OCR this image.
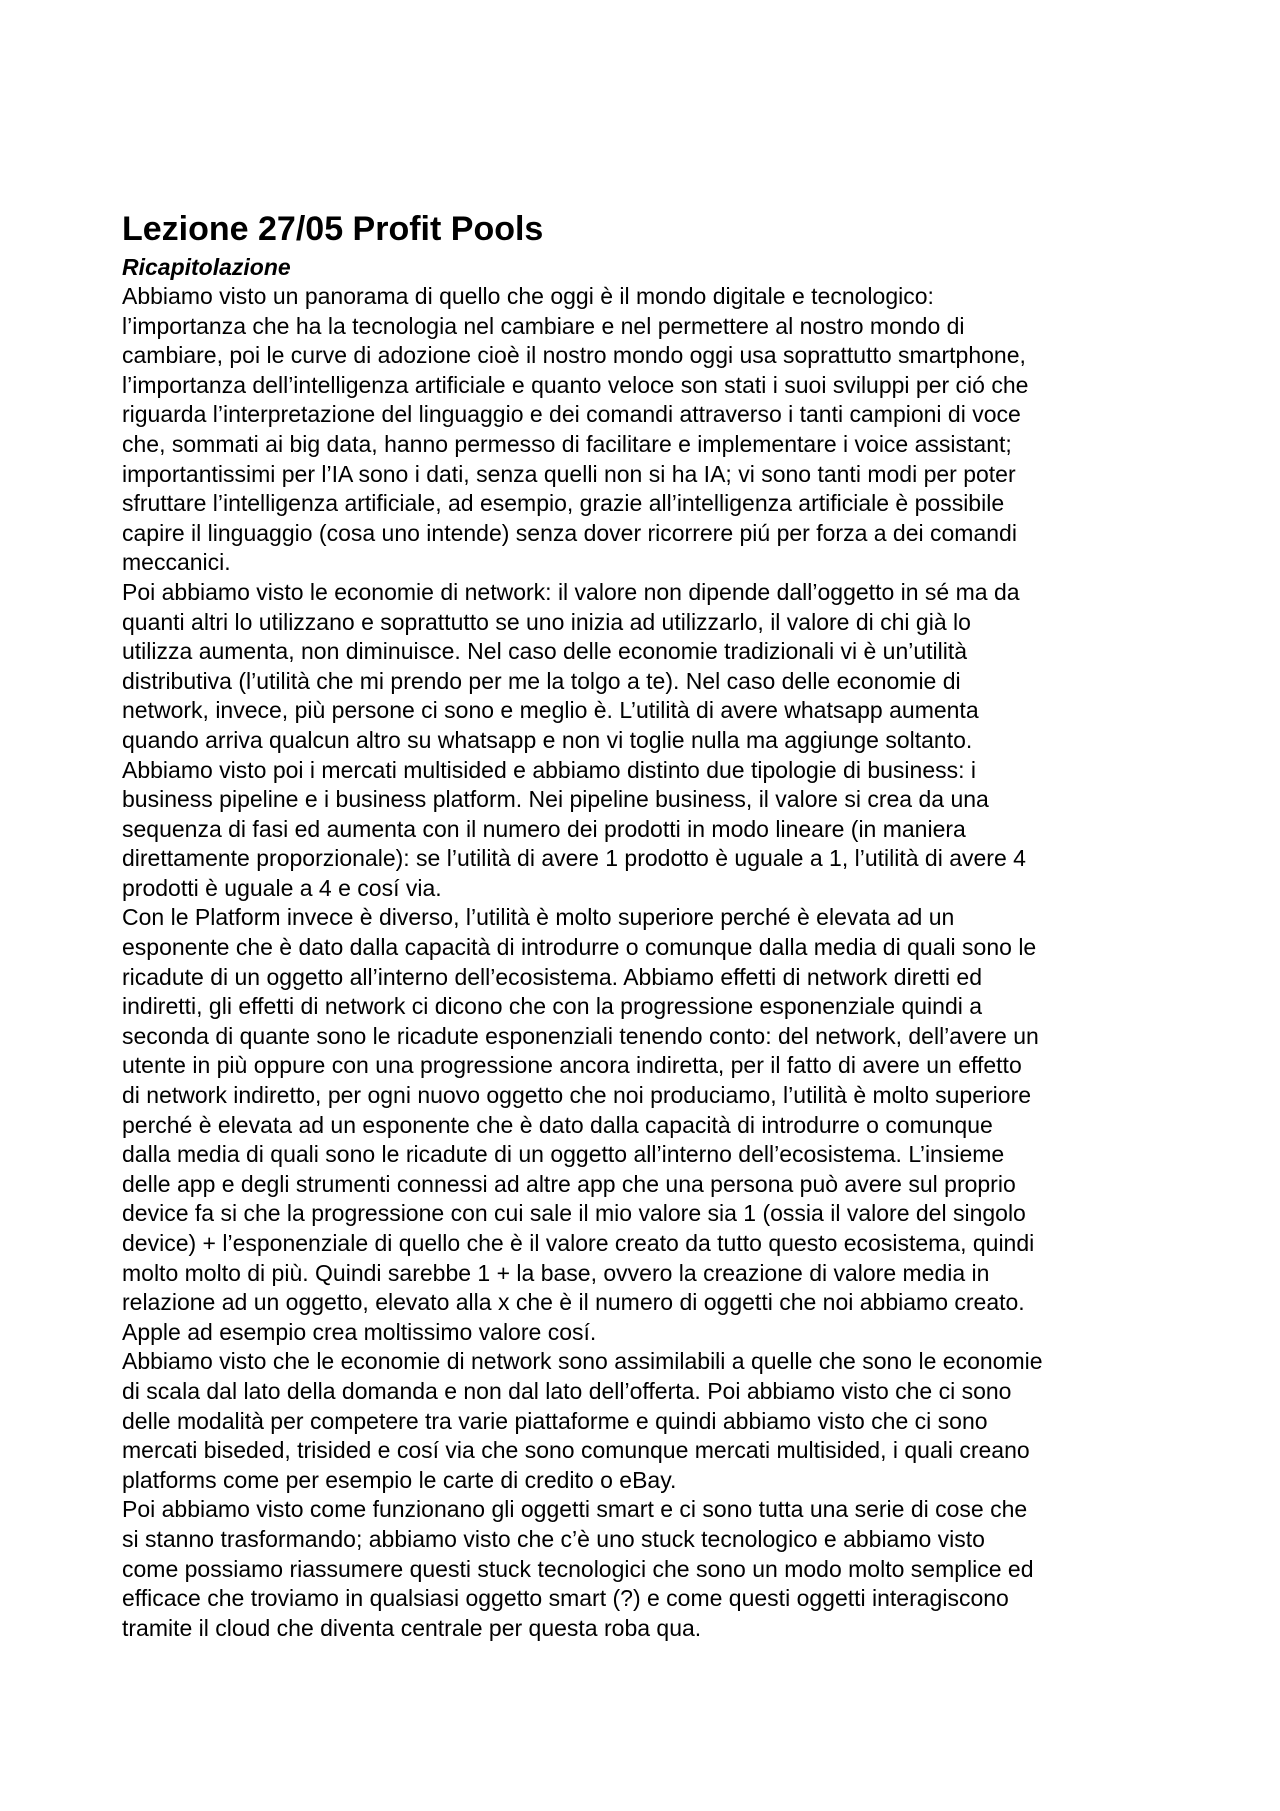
Lezione 27/05 Profit Pools
Ricapitolazione
Abbiamo visto un panorama di quello che oggi è il mondo digitale e tecnologico:
l’importanza che ha la tecnologia nel cambiare e nel permettere al nostro mondo di
cambiare, poi le curve di adozione cioè il nostro mondo oggi usa soprattutto smartphone,
l’importanza dell’intelligenza artificiale e quanto veloce son stati i suoi sviluppi per ció che
riguarda l’interpretazione del linguaggio e dei comandi attraverso i tanti campioni di voce
che, sommati ai big data, hanno permesso di facilitare e implementare i voice assistant;
importantissimi per l’IA sono i dati, senza quelli non si ha IA; vi sono tanti modi per poter
sfruttare l’intelligenza artificiale, ad esempio, grazie all’intelligenza artificiale è possibile
capire il linguaggio (cosa uno intende) senza dover ricorrere piú per forza a dei comandi
meccanici.
Poi abbiamo visto le economie di network: il valore non dipende dall’oggetto in sé ma da
quanti altri lo utilizzano e soprattutto se uno inizia ad utilizzarlo, il valore di chi già lo
utilizza aumenta, non diminuisce. Nel caso delle economie tradizionali vi è un’utilità
distributiva (l’utilità che mi prendo per me la tolgo a te). Nel caso delle economie di
network, invece, più persone ci sono e meglio è. L’utilità di avere whatsapp aumenta
quando arriva qualcun altro su whatsapp e non vi toglie nulla ma aggiunge soltanto.
Abbiamo visto poi i mercati multisided e abbiamo distinto due tipologie di business: i
business pipeline e i business platform. Nei pipeline business, il valore si crea da una
sequenza di fasi ed aumenta con il numero dei prodotti in modo lineare (in maniera
direttamente proporzionale): se l’utilità di avere 1 prodotto è uguale a 1, l’utilità di avere 4
prodotti è uguale a 4 e cosí via.
Con le Platform invece è diverso, l’utilità è molto superiore perché è elevata ad un
esponente che è dato dalla capacità di introdurre o comunque dalla media di quali sono le
ricadute di un oggetto all’interno dell’ecosistema. Abbiamo effetti di network diretti ed
indiretti, gli effetti di network ci dicono che con la progressione esponenziale quindi a
seconda di quante sono le ricadute esponenziali tenendo conto: del network, dell’avere un
utente in più oppure con una progressione ancora indiretta, per il fatto di avere un effetto
di network indiretto, per ogni nuovo oggetto che noi produciamo, l’utilità è molto superiore
perché è elevata ad un esponente che è dato dalla capacità di introdurre o comunque
dalla media di quali sono le ricadute di un oggetto all’interno dell’ecosistema. L’insieme
delle app e degli strumenti connessi ad altre app che una persona può avere sul proprio
device fa si che la progressione con cui sale il mio valore sia 1 (ossia il valore del singolo
device) + l’esponenziale di quello che è il valore creato da tutto questo ecosistema, quindi
molto molto di più. Quindi sarebbe 1 + la base, ovvero la creazione di valore media in
relazione ad un oggetto, elevato alla x che è il numero di oggetti che noi abbiamo creato.
Apple ad esempio crea moltissimo valore cosí.
Abbiamo visto che le economie di network sono assimilabili a quelle che sono le economie
di scala dal lato della domanda e non dal lato dell’offerta. Poi abbiamo visto che ci sono
delle modalità per competere tra varie piattaforme e quindi abbiamo visto che ci sono
mercati biseded, trisided e cosí via che sono comunque mercati multisided, i quali creano
platforms come per esempio le carte di credito o eBay.
Poi abbiamo visto come funzionano gli oggetti smart e ci sono tutta una serie di cose che
si stanno trasformando; abbiamo visto che c’è uno stuck tecnologico e abbiamo visto
come possiamo riassumere questi stuck tecnologici che sono un modo molto semplice ed
efficace che troviamo in qualsiasi oggetto smart (?) e come questi oggetti interagiscono
tramite il cloud che diventa centrale per questa roba qua.
